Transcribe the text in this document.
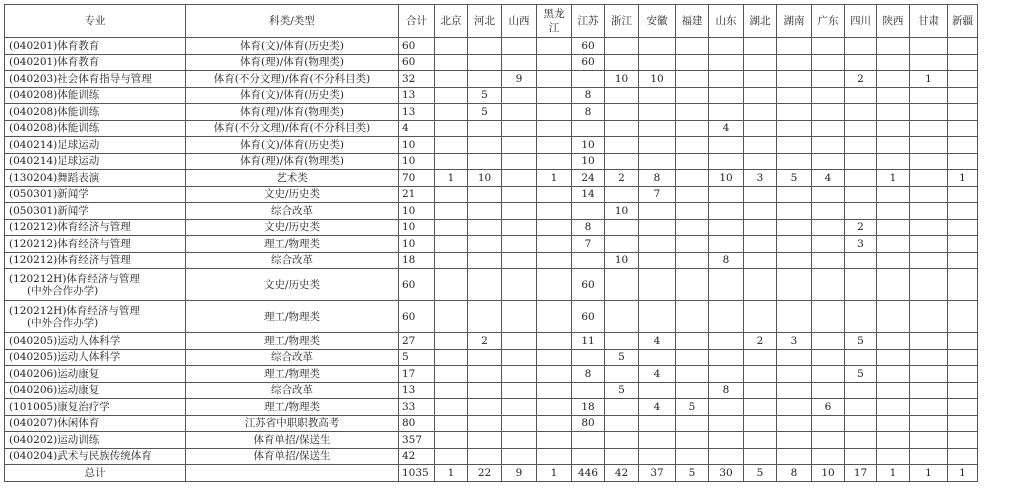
专业	科类/类型	合计	北京	河北	山西	黑龙江	江苏	浙江	安徽	福建	山东	湖北	湖南	广东	四川	陕西	甘肃	新疆
(040201)体育教育	体育(文)/体育(历史类)	60					60											
(040201)体育教育	体育(理)/体育(物理类)	60					60											
(040203)社会体育指导与管理	体育(不分文理)/体育(不分科目类)	32			9			10	10						2		1	
(040208)体能训练	体育(文)/体育(历史类)	13		5			8											
(040208)体能训练	体育(理)/体育(物理类)	13		5			8											
(040208)体能训练	体育(不分文理)/体育(不分科目类)	4									4							
(040214)足球运动	体育(文)/体育(历史类)	10					10											
(040214)足球运动	体育(理)/体育(物理类)	10					10											
(130204)舞蹈表演	艺术类	70	1	10		1	24	2	8		10	3	5	4		1		1
(050301)新闻学	文史/历史类	21					14		7									
(050301)新闻学	综合改革	10						10										
(120212)体育经济与管理	文史/历史类	10					8								2			
(120212)体育经济与管理	理工/物理类	10					7								3			
(120212)体育经济与管理	综合改革	18						10			8							

(120212H)体育经济与管理
(中外合作办学)	文史/历史类	60					60											

(120212H)体育经济与管理
(中外合作办学)	理工/物理类	60					60											
(040205)运动人体科学	理工/物理类	27		2			11		4			2	3		5			
(040205)运动人体科学	综合改革	5						5										
(040206)运动康复	理工/物理类	17					8		4						5			
(040206)运动康复	综合改革	13						5			8							
(101005)康复治疗学	理工/物理类	33					18		4	5				6				
(040207)休闲体育	江苏省中职职教高考	80					80											
(040202)运动训练	体育单招/保送生	357																
(040204)武术与民族传统体育	体育单招/保送生	42																
总计		1035	1	22	9	1	446	42	37	5	30	5	8	10	17	1	1	1
